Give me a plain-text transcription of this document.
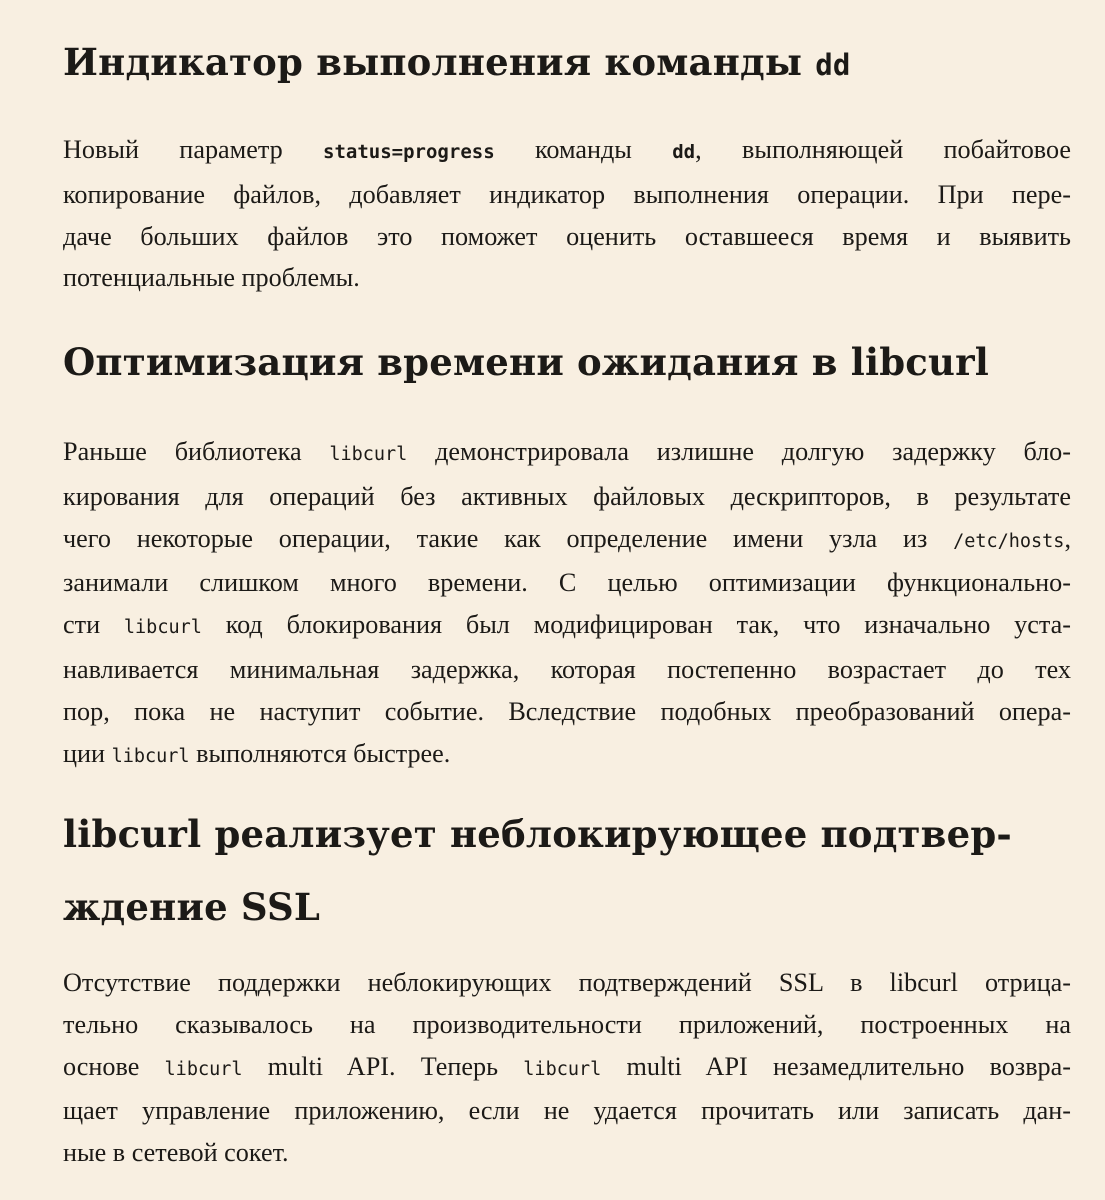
Индикатор выполнения команды dd

Новый параметр status=progress команды dd, выполняющей побайтовое
копирование файлов, добавляет индикатор выполнения операции. При пере-
даче больших файлов это поможет оценить оставшееся время и выявить
потенциальные проблемы.

Оптимизация времени ожидания в libcurl

Раньше библиотека libcurl демонстрировала излишне долгую задержку бло-
кирования для операций без активных файловых дескрипторов, в результате
чего некоторые операции, такие как определение имени узла из /etc/hosts,
занимали слишком много времени. С целью оптимизации функционально-
сти libcurl код блокирования был модифицирован так, что изначально уста-
навливается минимальная задержка, которая постепенно возрастает до тех
пор, пока не наступит событие. Вследствие подобных преобразований опера-
ции libcurl выполняются быстрее.

libcurl реализует неблокирующее подтвер-
ждение SSL

Отсутствие поддержки неблокирующих подтверждений SSL в libcurl отрица-
тельно сказывалось на производительности приложений, построенных на
основе libcurl multi API. Теперь libcurl multi API незамедлительно возвра-
щает управление приложению, если не удается прочитать или записать дан-
ные в сетевой сокет.
